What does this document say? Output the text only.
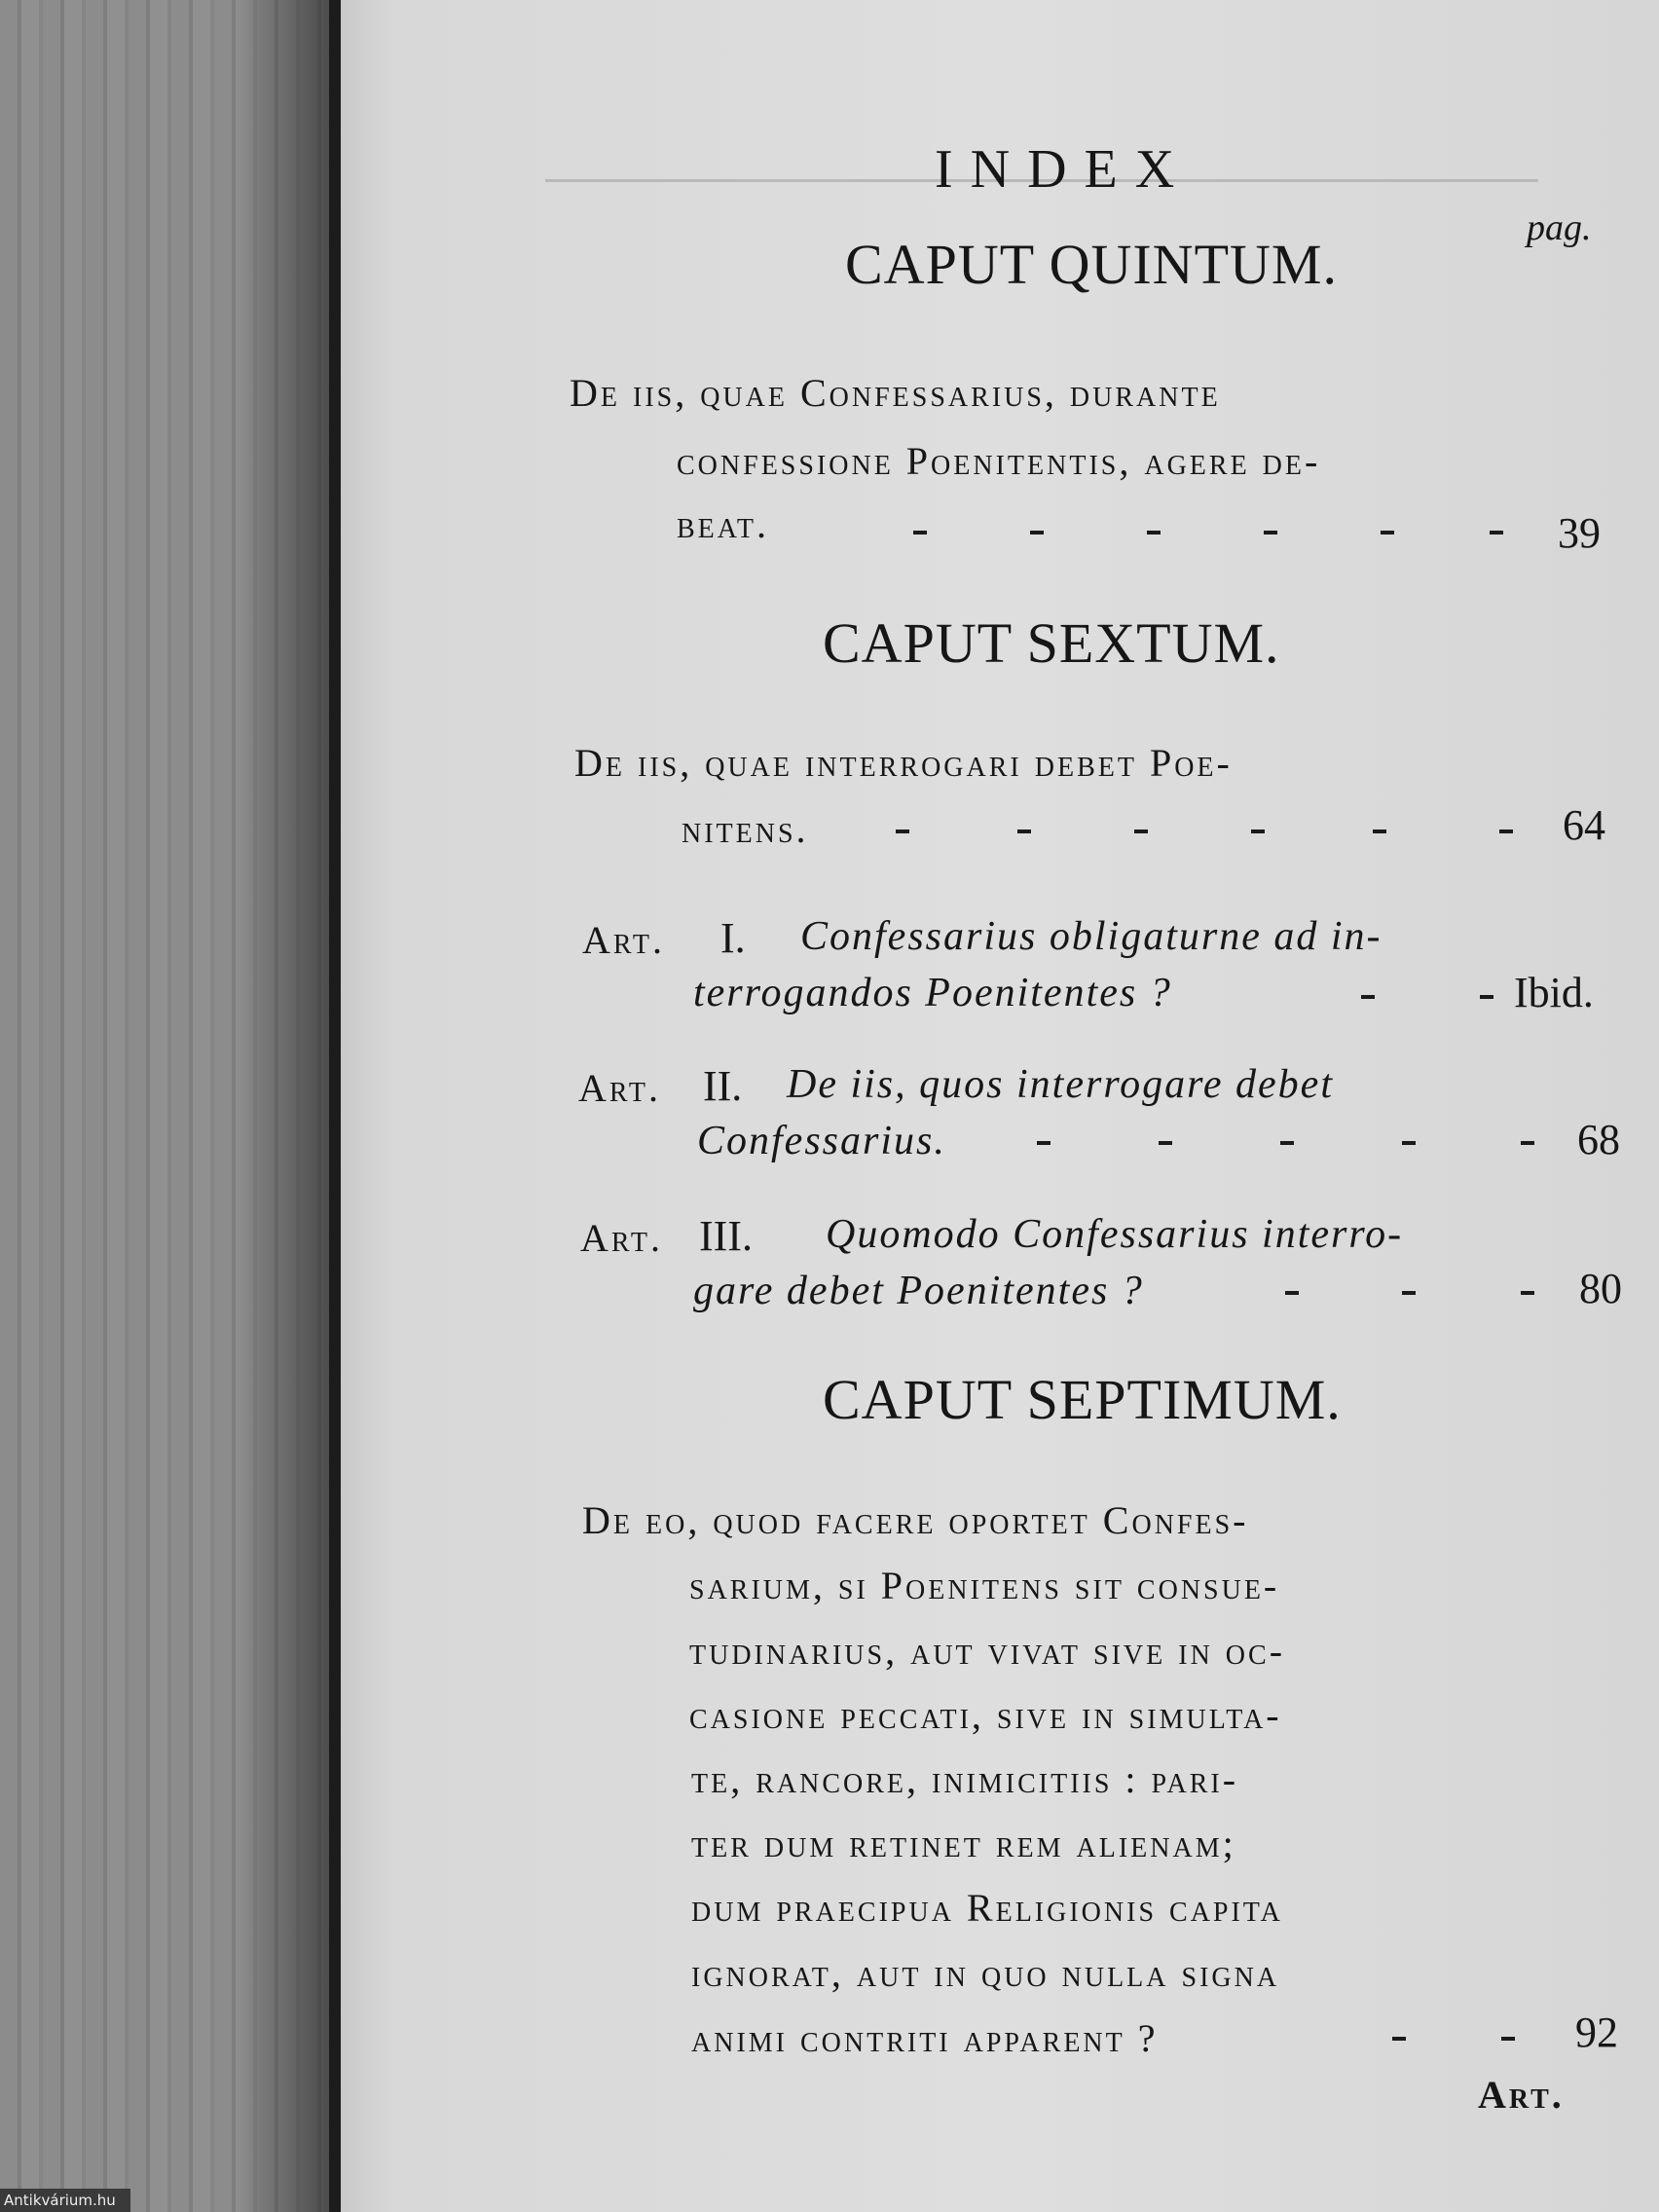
INDEX
pag.
CAPUT QUINTUM.
De iis, quae Confessarius, durante
confessione Poenitentis, agere de-
beat.	39
CAPUT SEXTUM.
De iis, quae interrogari debet Poe-
nitens.	64
Art. I. Confessarius obligaturne ad in-
terrogandos Poenitentes ?	Ibid.
Art. II. De iis, quos interrogare debet
Confessarius.	68
Art. III. Quomodo Confessarius interro-
gare debet Poenitentes ?	80
CAPUT SEPTIMUM.
De eo, quod facere oportet Confes-
sarium, si Poenitens sit consue-
tudinarius, aut vivat sive in oc-
casione peccati, sive in simulta-
te, rancore, inimicitiis : pari-
ter dum retinet rem alienam;
dum praecipua Religionis capita
ignorat, aut in quo nulla signa
animi contriti apparent ?	92
Art.
Antikvárium.hu
